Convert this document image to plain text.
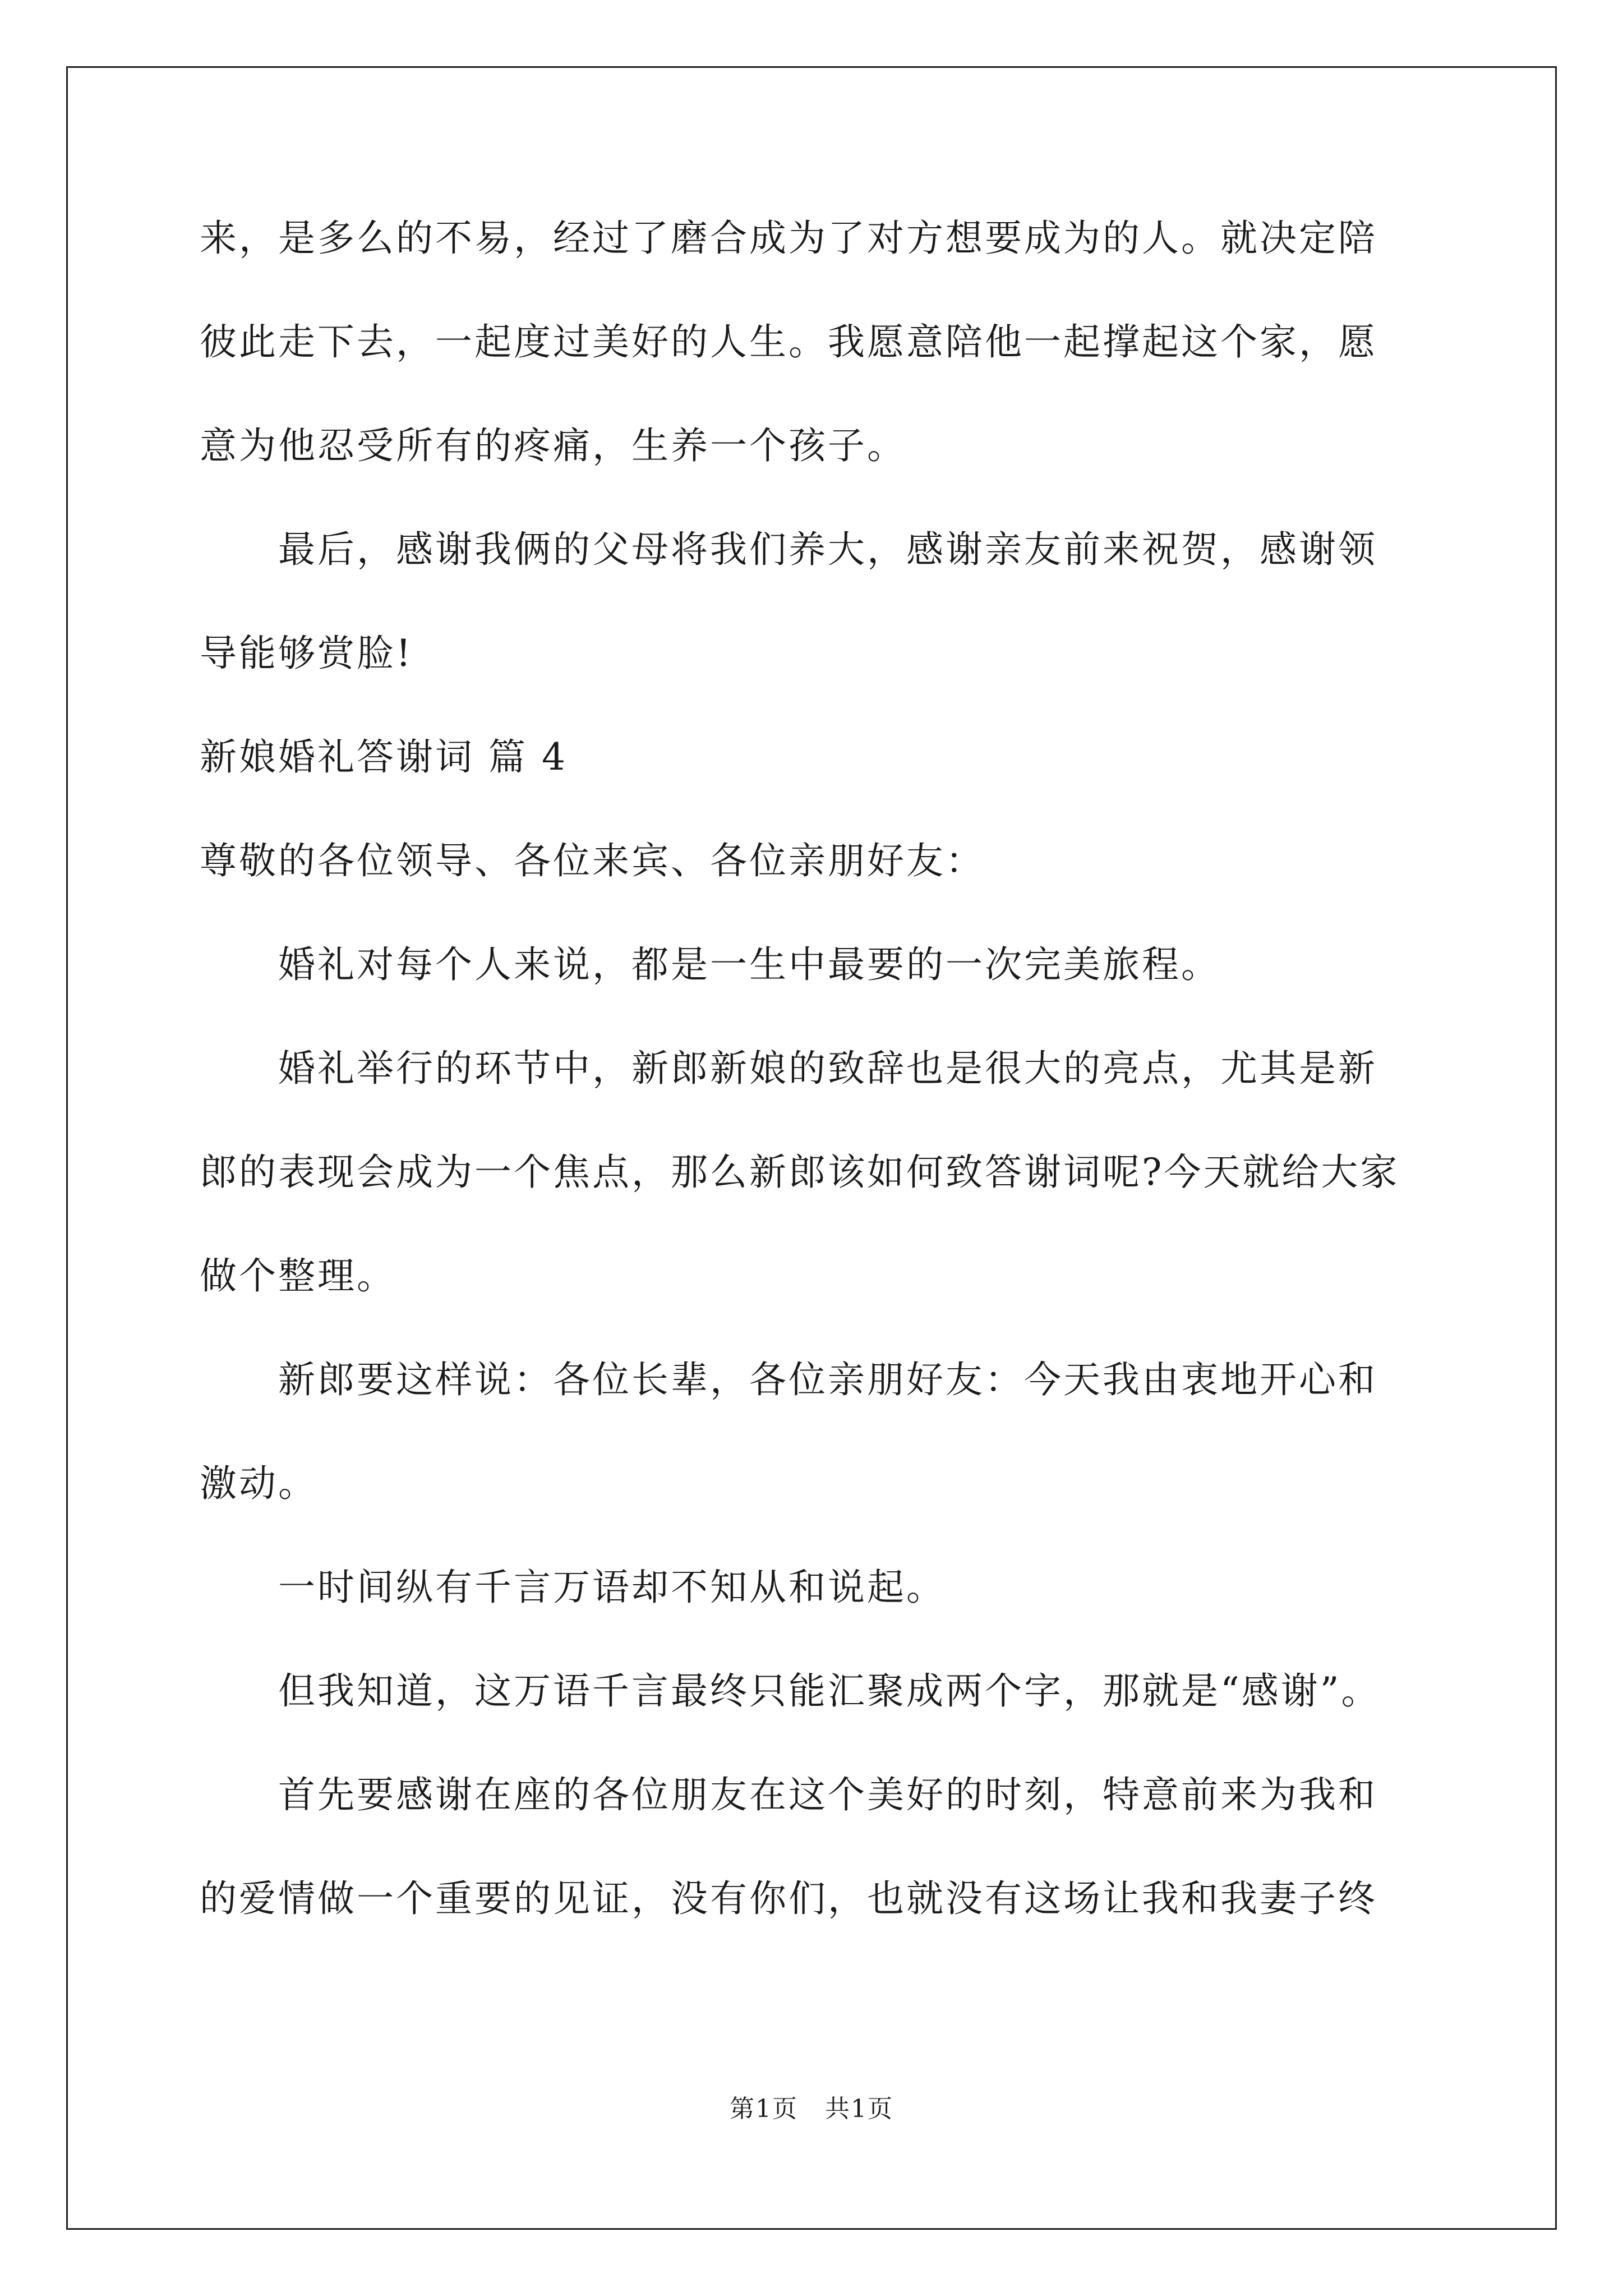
来，是多么的不易，经过了磨合成为了对方想要成为的人。就决定陪
彼此走下去，一起度过美好的人生。我愿意陪他一起撑起这个家，愿
意为他忍受所有的疼痛，生养一个孩子。
　　最后，感谢我俩的父母将我们养大，感谢亲友前来祝贺，感谢领
导能够赏脸!
新娘婚礼答谢词 篇 4
尊敬的各位领导、各位来宾、各位亲朋好友：
　　婚礼对每个人来说，都是一生中最要的一次完美旅程。
　　婚礼举行的环节中，新郎新娘的致辞也是很大的亮点，尤其是新
郎的表现会成为一个焦点，那么新郎该如何致答谢词呢?今天就给大家
做个整理。
　　新郎要这样说：各位长辈，各位亲朋好友：今天我由衷地开心和
激动。
　　一时间纵有千言万语却不知从和说起。
　　但我知道，这万语千言最终只能汇聚成两个字，那就是“感谢”。
　　首先要感谢在座的各位朋友在这个美好的时刻，特意前来为我和
的爱情做一个重要的见证，没有你们，也就没有这场让我和我妻子终
第1页 共1页
